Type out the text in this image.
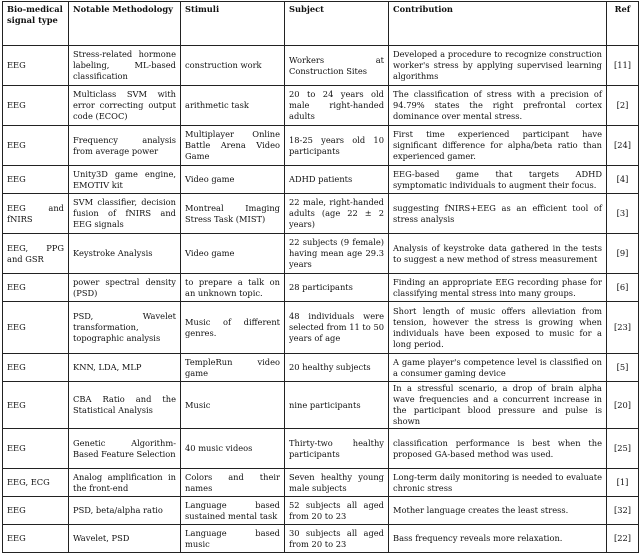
Bio-medical signal type	Notable Methodology	Stimuli	Subject	Contribution	Ref
EEG	Stress-related hormone labeling, ML-based classification	construction work	Workers at Construction Sites	Developed a procedure to recognize construction worker's stress by applying supervised learning algorithms	[11]
EEG	Multiclass SVM with error correcting output code (ECOC)	arithmetic task	20 to 24 years old male right-handed adults	The classification of stress with a precision of 94.79% states the right prefrontal cortex dominance over mental stress.	[2]
EEG	Frequency analysis from average power	Multiplayer Online Battle Arena Video Game	18-25 years old 10 participants	First time experienced participant have significant difference for alpha/beta ratio than experienced gamer.	[24]
EEG	Unity3D game engine, EMOTIV kit	Video game	ADHD patients	EEG-based game that targets ADHD symptomatic individuals to augment their focus.	[4]
EEG and fNIRS	SVM classifier, decision fusion of fNIRS and EEG signals	Montreal Imaging Stress Task (MIST)	22 male, right-handed adults (age 22 ± 2 years)	suggesting fNIRS+EEG as an efficient tool of stress analysis	[3]
EEG, PPG and GSR	Keystroke Analysis	Video game	22 subjects (9 female) having mean age 29.3 years	Analysis of keystroke data gathered in the tests to suggest a new method of stress measurement	[9]
EEG	power spectral density (PSD)	to prepare a talk on an unknown topic.	28 participants	Finding an appropriate EEG recording phase for classifying mental stress into many groups.	[6]
EEG	PSD, Wavelet transformation, topographic analysis	Music of different genres.	48 individuals were selected from 11 to 50 years of age	Short length of music offers alleviation from tension, however the stress is growing when individuals have been exposed to music for a long period.	[23]
EEG	KNN, LDA, MLP	TempleRun video game	20 healthy subjects	A game player's competence level is classified on a consumer gaming device	[5]
EEG	CBA Ratio and the Statistical Analysis	Music	nine participants	In a stressful scenario, a drop of brain alpha wave frequencies and a concurrent increase in the participant blood pressure and pulse is shown	[20]
EEG	Genetic Algorithm-Based Feature Selection	40 music videos	Thirty-two healthy participants	classification performance is best when the proposed GA-based method was used.	[25]
EEG, ECG	Analog amplification in the front-end	Colors and their names	Seven healthy young male subjects	Long-term daily monitoring is needed to evaluate chronic stress	[1]
EEG	PSD, beta/alpha ratio	Language based sustained mental task	52 subjects all aged from 20 to 23	Mother language creates the least stress.	[32]
EEG	Wavelet, PSD	Language based music	30 subjects all aged from 20 to 23	Bass frequency reveals more relaxation.	[22]
